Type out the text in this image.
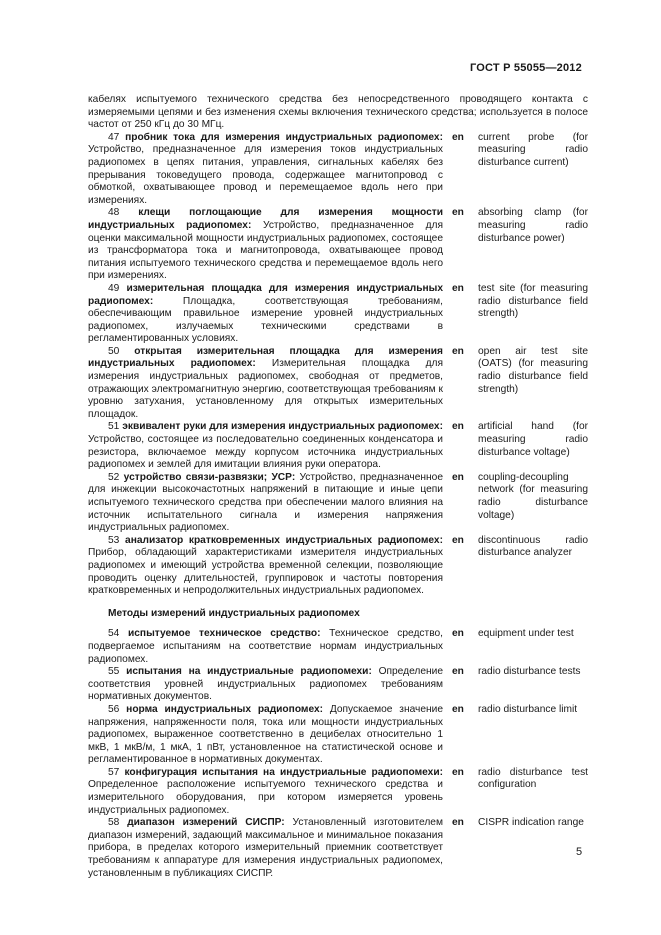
ГОСТ Р 55055—2012
кабелях испытуемого технического средства без непосредственного проводящего контакта с измеряемыми цепями и без изменения схемы включения технического средства; используется в полосе частот от 250 кГц до 30 МГц.
47 пробник тока для измерения индустриальных радиопомех: Устройство, предназначенное для измерения токов индустриальных радиопомех в цепях питания, управления, сигнальных кабелях без прерывания токоведущего провода, содержащее магнитопровод с обмоткой, охватывающее провод и перемещаемое вдоль него при измерениях.
en	current probe (for measuring radio disturbance current)
48 клещи поглощающие для измерения мощности индустриальных радиопомех: Устройство, предназначенное для оценки максимальной мощности индустриальных радиопомех, состоящее из трансформатора тока и магнитопровода, охватывающее провод питания испытуемого технического средства и перемещаемое вдоль него при измерениях.
en	absorbing clamp (for measuring radio disturbance power)
49 измерительная площадка для измерения индустриальных радиопомех: Площадка, соответствующая требованиям, обеспечивающим правильное измерение уровней индустриальных радиопомех, излучаемых техническими средствами в регламентированных условиях.
en	test site (for measuring radio disturbance field strength)
50 открытая измерительная площадка для измерения индустриальных радиопомех: Измерительная площадка для измерения индустриальных радиопомех, свободная от предметов, отражающих электромагнитную энергию, соответствующая требованиям к уровню затухания, установленному для открытых измерительных площадок.
en	open air test site (OATS) (for measuring radio disturbance field strength)
51 эквивалент руки для измерения индустриальных радиопомех: Устройство, состоящее из последовательно соединенных конденсатора и резистора, включаемое между корпусом источника индустриальных радиопомех и землей для имитации влияния руки оператора.
en	artificial hand (for measuring radio disturbance voltage)
52 устройство связи-развязки; УСР: Устройство, предназначенное для инжекции высокочастотных напряжений в питающие и иные цепи испытуемого технического средства при обеспечении малого влияния на источник испытательного сигнала и измерения напряжения индустриальных радиопомех.
en	coupling-decoupling network (for measuring radio disturbance voltage)
53 анализатор кратковременных индустриальных радиопомех: Прибор, обладающий характеристиками измерителя индустриальных радиопомех и имеющий устройства временной селекции, позволяющие проводить оценку длительностей, группировок и частоты повторения кратковременных и непродолжительных индустриальных радиопомех.
en	discontinuous radio disturbance analyzer
Методы измерений индустриальных радиопомех
54 испытуемое техническое средство: Техническое средство, подвергаемое испытаниям на соответствие нормам индустриальных радиопомех.
en	equipment under test
55 испытания на индустриальные радиопомехи: Определение соответствия уровней индустриальных радиопомех требованиям нормативных документов.
en	radio disturbance tests
56 норма индустриальных радиопомех: Допускаемое значение напряжения, напряженности поля, тока или мощности индустриальных радиопомех, выраженное соответственно в децибелах относительно 1 мкВ, 1 мкВ/м, 1 мкА, 1 пВт, установленное на статистической основе и регламентированное в нормативных документах.
en	radio disturbance limit
57 конфигурация испытания на индустриальные радиопомехи: Определенное расположение испытуемого технического средства и измерительного оборудования, при котором измеряется уровень индустриальных радиопомех.
en	radio disturbance test configuration
58 диапазон измерений СИСПР: Установленный изготовителем диапазон измерений, задающий максимальное и минимальное показания прибора, в пределах которого измерительный приемник соответствует требованиям к аппаратуре для измерения индустриальных радиопомех, установленным в публикациях СИСПР.
en	CISPR indication range
5
